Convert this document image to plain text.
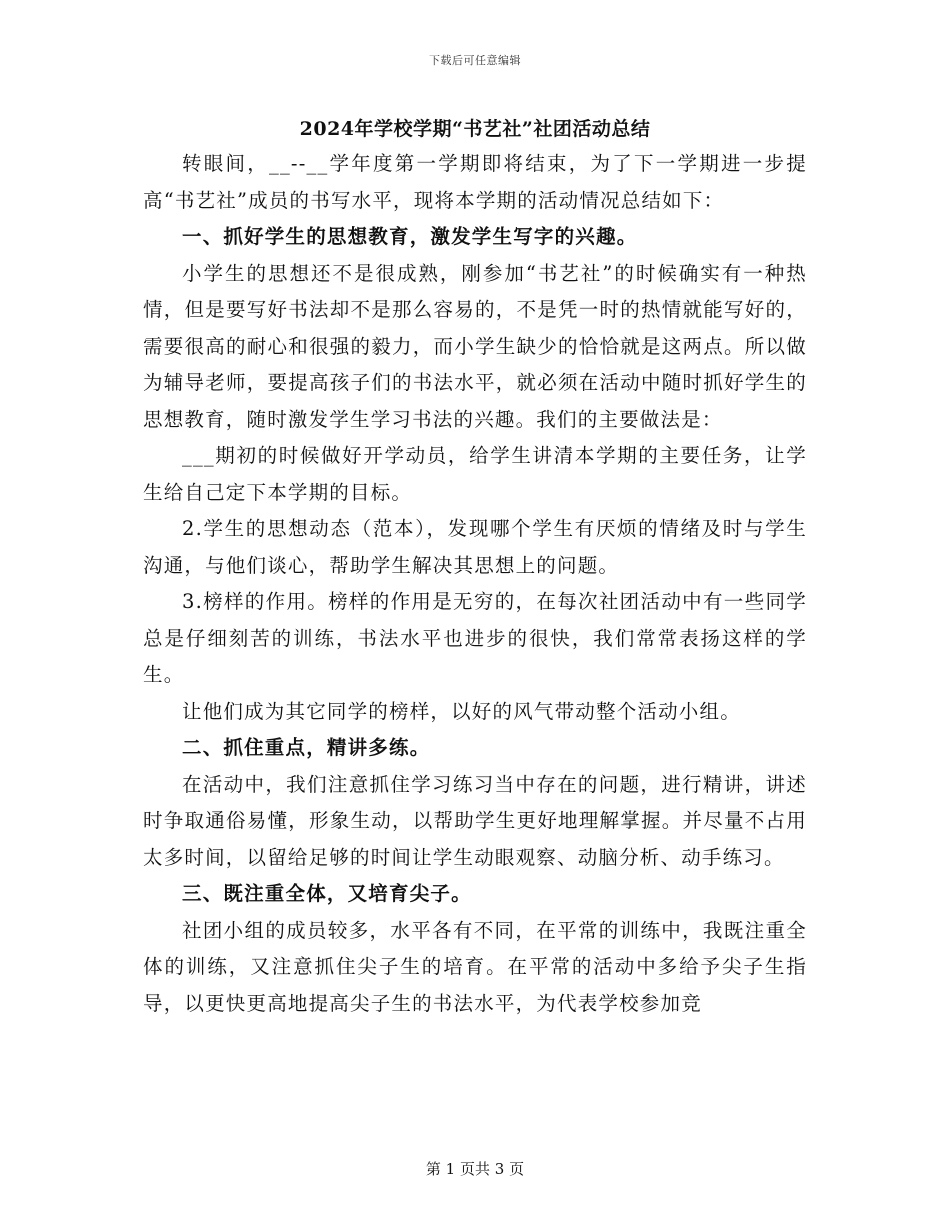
下载后可任意编辑
2024年学校学期“书艺社”社团活动总结

转眼间，__--__学年度第一学期即将结束，为了下一学期进一步提高“书艺社”成员的书写水平，现将本学期的活动情况总结如下：

一、抓好学生的思想教育，激发学生写字的兴趣。

小学生的思想还不是很成熟，刚参加“书艺社”的时候确实有一种热情，但是要写好书法却不是那么容易的，不是凭一时的热情就能写好的，需要很高的耐心和很强的毅力，而小学生缺少的恰恰就是这两点。所以做为辅导老师，要提高孩子们的书法水平，就必须在活动中随时抓好学生的思想教育，随时激发学生学习书法的兴趣。我们的主要做法是：

___期初的时候做好开学动员，给学生讲清本学期的主要任务，让学生给自己定下本学期的目标。

2.学生的思想动态（范本），发现哪个学生有厌烦的情绪及时与学生沟通，与他们谈心，帮助学生解决其思想上的问题。

3.榜样的作用。榜样的作用是无穷的，在每次社团活动中有一些同学总是仔细刻苦的训练，书法水平也进步的很快，我们常常表扬这样的学生。

让他们成为其它同学的榜样，以好的风气带动整个活动小组。

二、抓住重点，精讲多练。

在活动中，我们注意抓住学习练习当中存在的问题，进行精讲，讲述时争取通俗易懂，形象生动，以帮助学生更好地理解掌握。并尽量不占用太多时间，以留给足够的时间让学生动眼观察、动脑分析、动手练习。

三、既注重全体，又培育尖子。

社团小组的成员较多，水平各有不同，在平常的训练中，我既注重全体的训练，又注意抓住尖子生的培育。在平常的活动中多给予尖子生指导，以更快更高地提高尖子生的书法水平，为代表学校参加竞

第 1 页共 3 页
